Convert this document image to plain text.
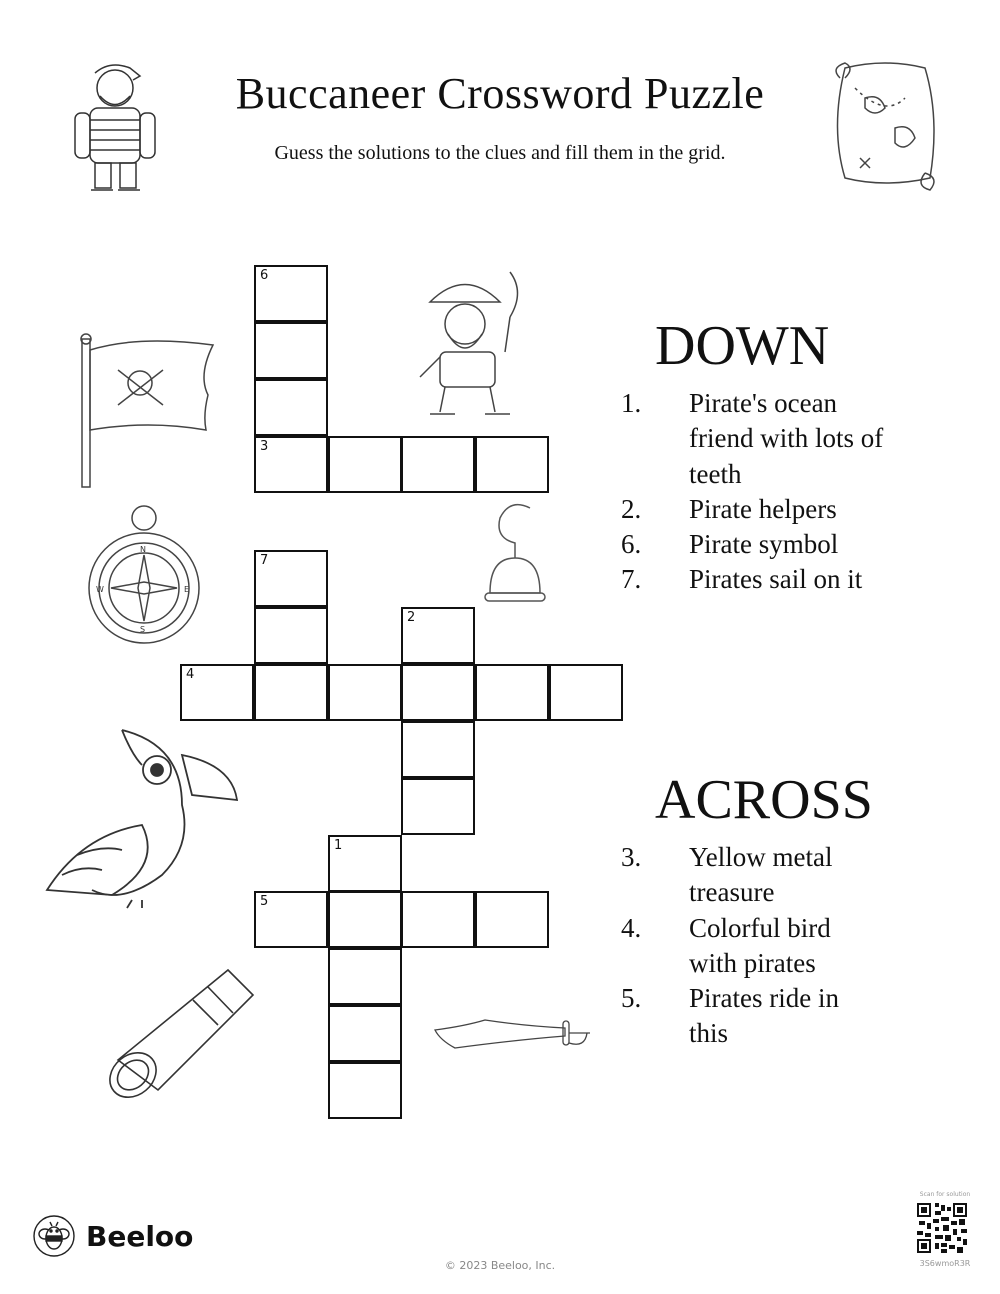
Buccaneer Crossword Puzzle
Guess the solutions to the clues and fill them in the grid.
N
S
W	E
6
3
7
2
4
1
5
DOWN
1. Pirate's ocean friend with lots of teeth
2. Pirate helpers
6. Pirate symbol
7. Pirates sail on it
ACROSS
3. Yellow metal treasure
4. Colorful bird with pirates
5. Pirates ride in this
Beeloo
© 2023 Beeloo, Inc.
Scan for solution
3S6wmoR3R
